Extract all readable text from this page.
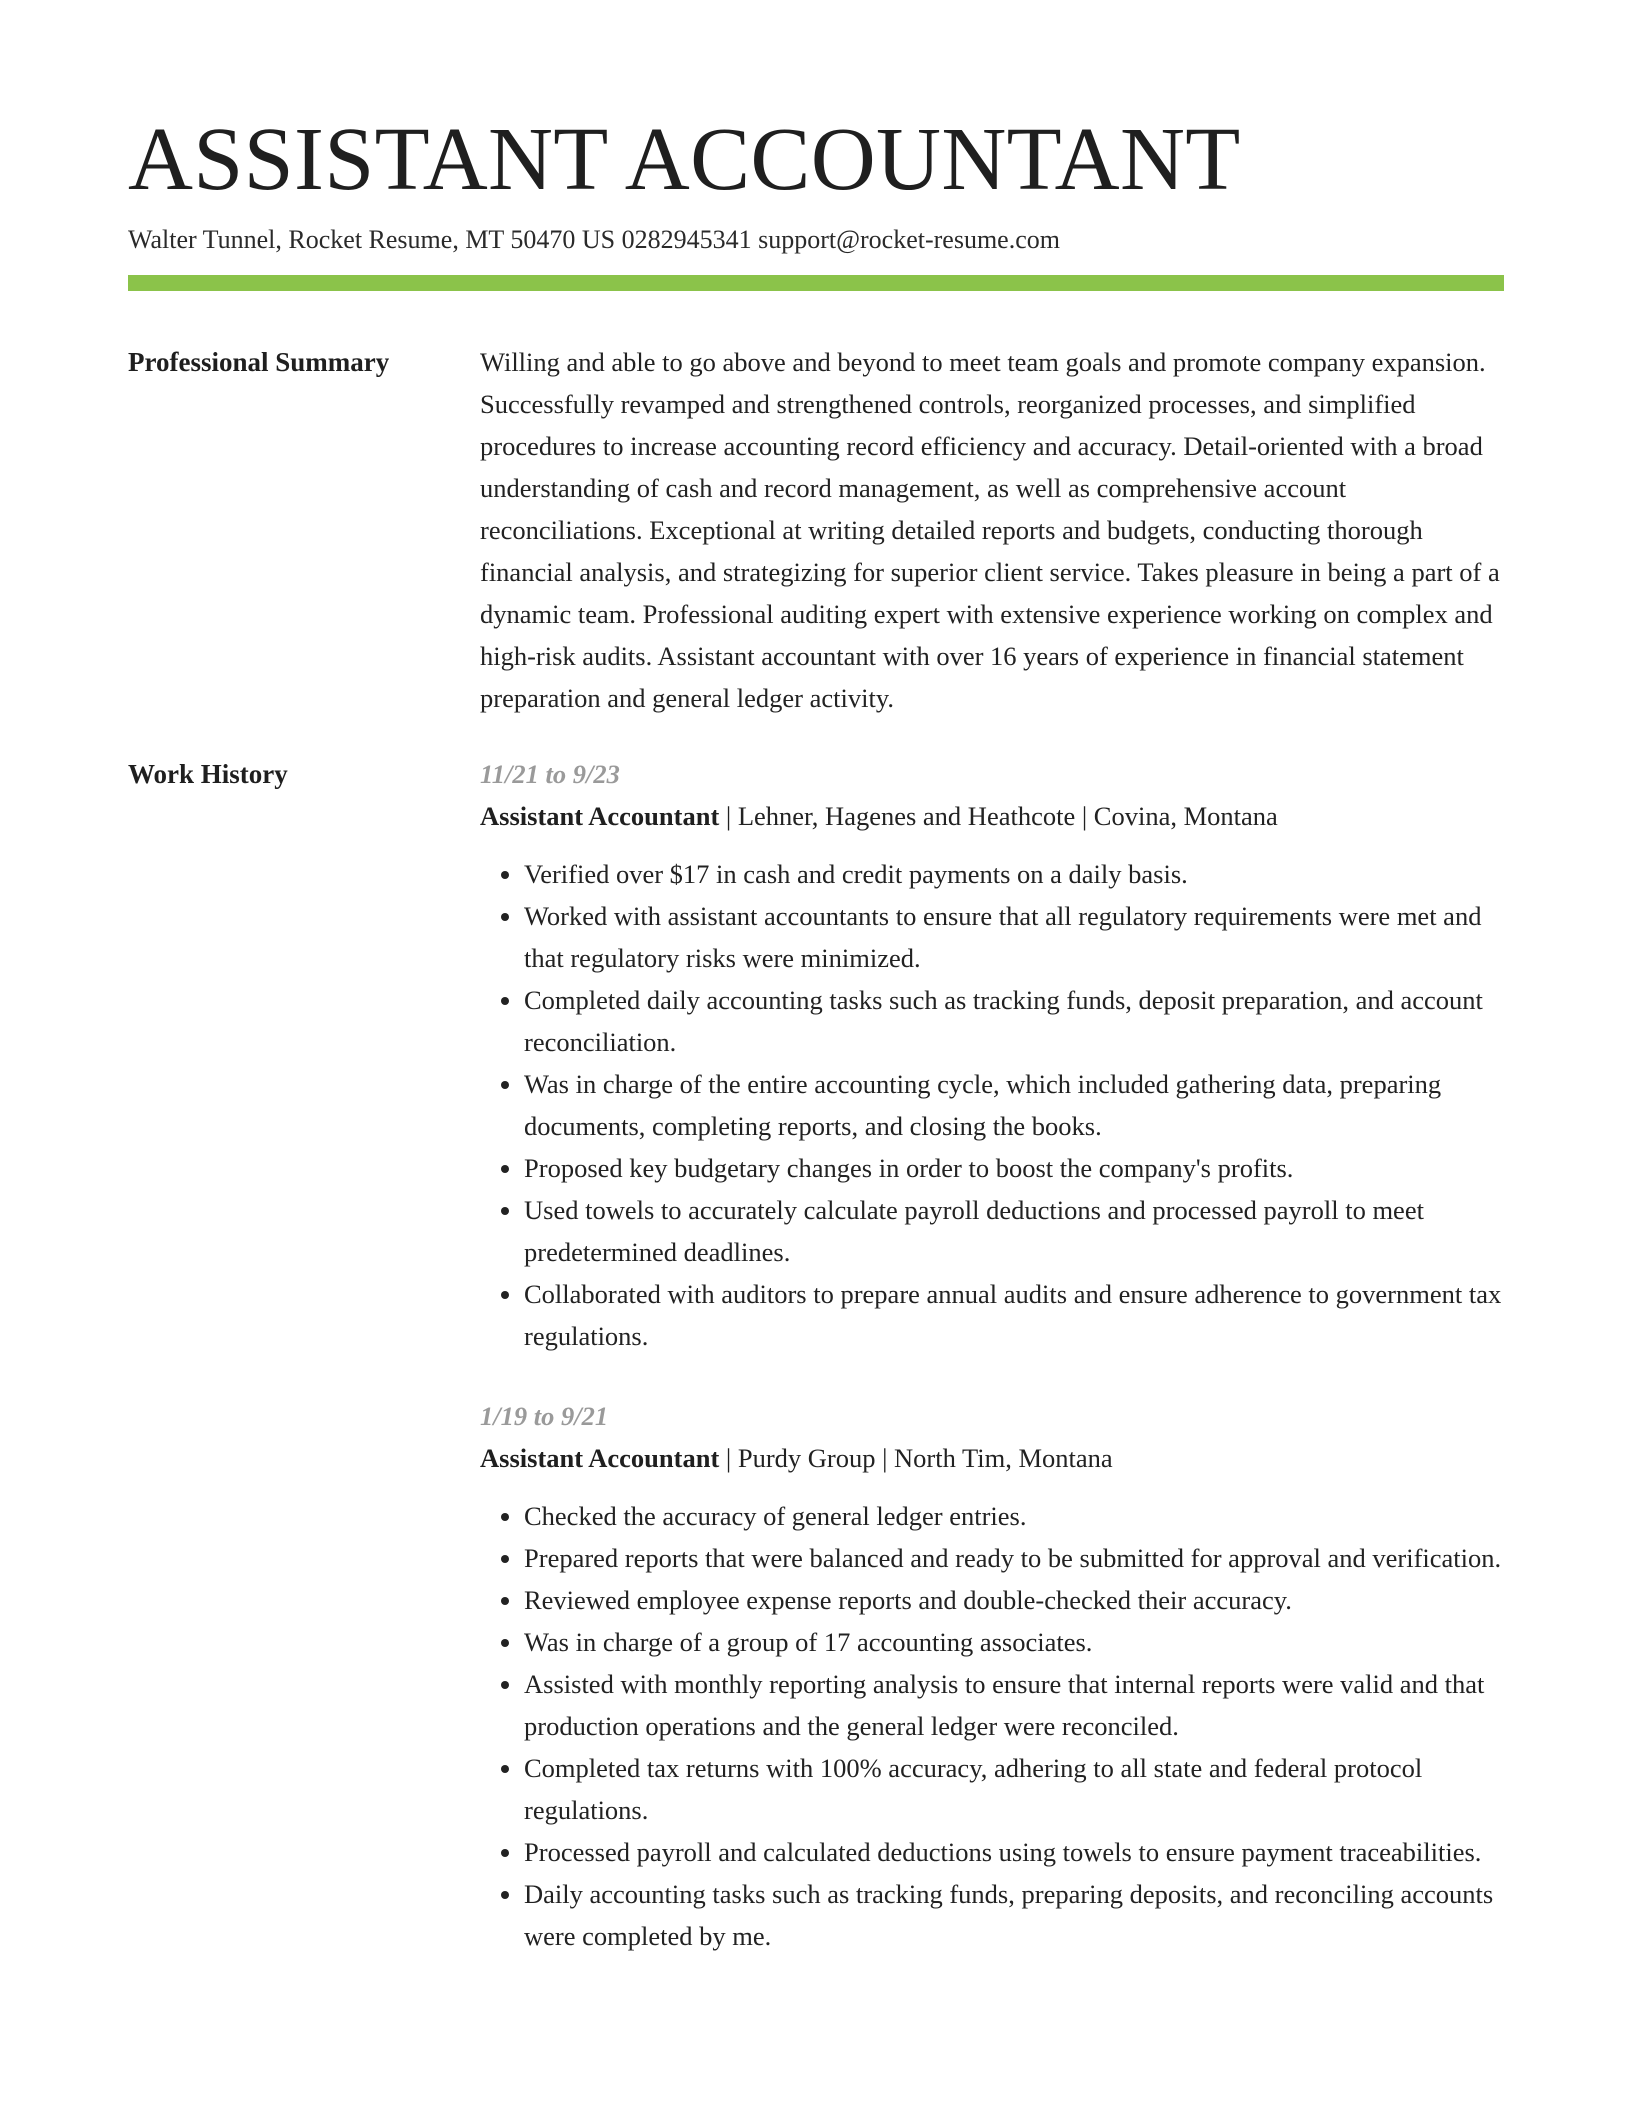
ASSISTANT ACCOUNTANT
Walter Tunnel, Rocket Resume, MT 50470 US 0282945341 support@rocket-resume.com
Professional Summary	Willing and able to go above and beyond to meet team goals and promote company expansion. Successfully revamped and strengthened controls, reorganized processes, and simplified procedures to increase accounting record efficiency and accuracy. Detail-oriented with a broad understanding of cash and record management, as well as comprehensive account reconciliations. Exceptional at writing detailed reports and budgets, conducting thorough financial analysis, and strategizing for superior client service. Takes pleasure in being a part of a dynamic team. Professional auditing expert with extensive experience working on complex and high-risk audits. Assistant accountant with over 16 years of experience in financial statement preparation and general ledger activity.

Work History	11/21 to 9/23
Assistant Accountant | Lehner, Hagenes and Heathcote | Covina, Montana
• Verified over $17 in cash and credit payments on a daily basis.
• Worked with assistant accountants to ensure that all regulatory requirements were met and that regulatory risks were minimized.
• Completed daily accounting tasks such as tracking funds, deposit preparation, and account reconciliation.
• Was in charge of the entire accounting cycle, which included gathering data, preparing documents, completing reports, and closing the books.
• Proposed key budgetary changes in order to boost the company's profits.
• Used towels to accurately calculate payroll deductions and processed payroll to meet predetermined deadlines.
• Collaborated with auditors to prepare annual audits and ensure adherence to government tax regulations.
1/19 to 9/21
Assistant Accountant | Purdy Group | North Tim, Montana
• Checked the accuracy of general ledger entries.
• Prepared reports that were balanced and ready to be submitted for approval and verification.
• Reviewed employee expense reports and double-checked their accuracy.
• Was in charge of a group of 17 accounting associates.
• Assisted with monthly reporting analysis to ensure that internal reports were valid and that production operations and the general ledger were reconciled.
• Completed tax returns with 100% accuracy, adhering to all state and federal protocol regulations.
• Processed payroll and calculated deductions using towels to ensure payment traceabilities.
• Daily accounting tasks such as tracking funds, preparing deposits, and reconciling accounts were completed by me.
